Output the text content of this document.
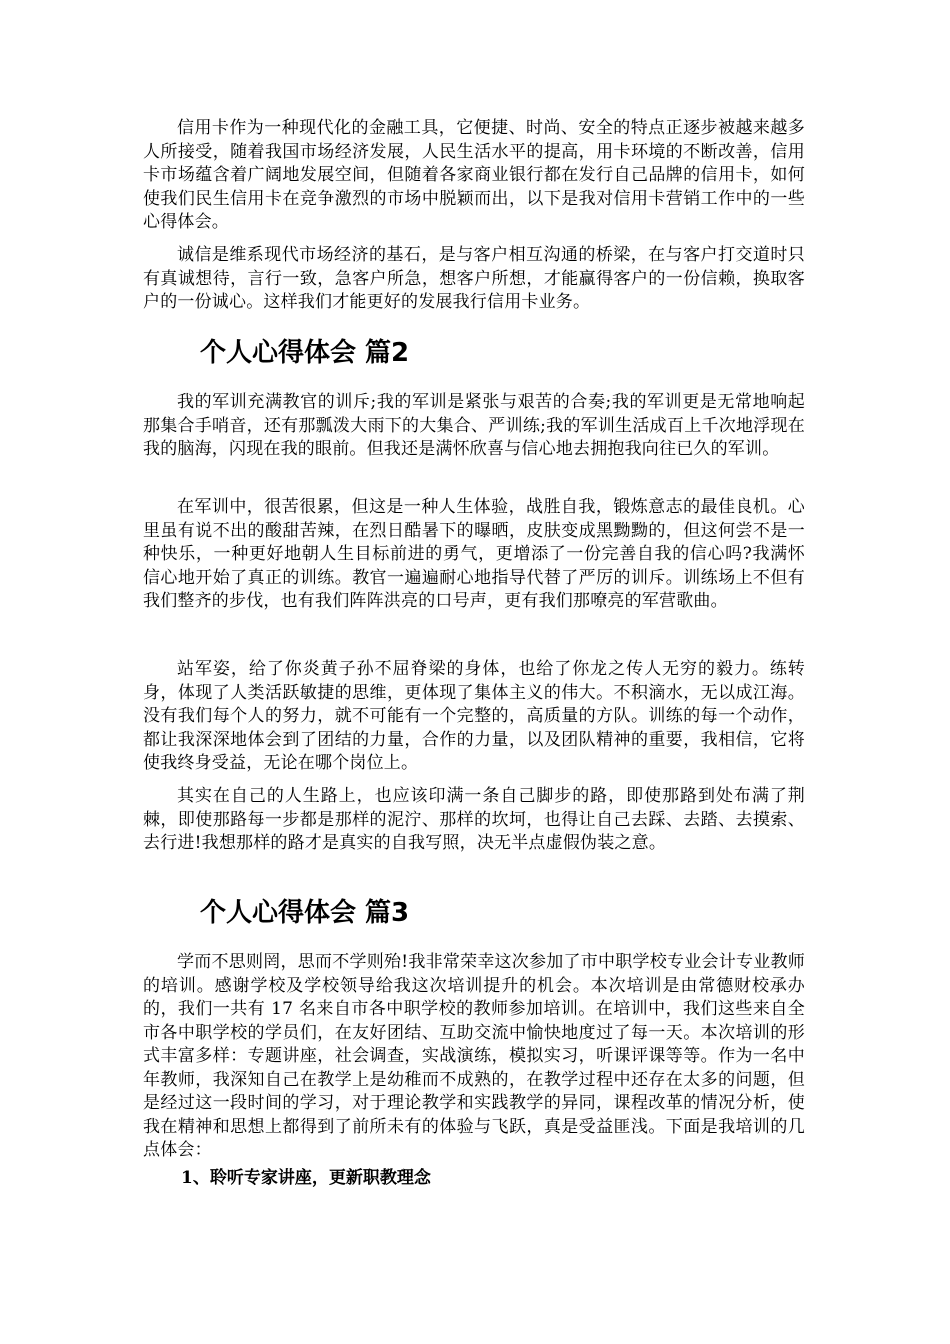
信用卡作为一种现代化的金融工具，它便捷、时尚、安全的特点正逐步被越来越多人所接受，随着我国市场经济发展，人民生活水平的提高，用卡环境的不断改善，信用卡市场蕴含着广阔地发展空间，但随着各家商业银行都在发行自己品牌的信用卡，如何使我们民生信用卡在竞争激烈的市场中脱颖而出，以下是我对信用卡营销工作中的一些心得体会。

诚信是维系现代市场经济的基石，是与客户相互沟通的桥梁，在与客户打交道时只有真诚想待，言行一致，急客户所急，想客户所想，才能赢得客户的一份信赖，换取客户的一份诚心。这样我们才能更好的发展我行信用卡业务。

个人心得体会 篇2

我的军训充满教官的训斥;我的军训是紧张与艰苦的合奏;我的军训更是无常地响起那集合手哨音，还有那瓢泼大雨下的大集合、严训练;我的军训生活成百上千次地浮现在我的脑海，闪现在我的眼前。但我还是满怀欣喜与信心地去拥抱我向往已久的军训。

在军训中，很苦很累，但这是一种人生体验，战胜自我，锻炼意志的最佳良机。心里虽有说不出的酸甜苦辣，在烈日酷暑下的曝晒，皮肤变成黑黝黝的，但这何尝不是一种快乐，一种更好地朝人生目标前进的勇气，更增添了一份完善自我的信心吗?我满怀信心地开始了真正的训练。教官一遍遍耐心地指导代替了严厉的训斥。训练场上不但有我们整齐的步伐，也有我们阵阵洪亮的口号声，更有我们那嘹亮的军营歌曲。

站军姿，给了你炎黄子孙不屈脊梁的身体，也给了你龙之传人无穷的毅力。练转身，体现了人类活跃敏捷的思维，更体现了集体主义的伟大。不积滴水，无以成江海。没有我们每个人的努力，就不可能有一个完整的，高质量的方队。训练的每一个动作，都让我深深地体会到了团结的力量，合作的力量，以及团队精神的重要，我相信，它将使我终身受益，无论在哪个岗位上。

其实在自己的人生路上，也应该印满一条自己脚步的路，即使那路到处布满了荆棘，即使那路每一步都是那样的泥泞、那样的坎坷，也得让自己去踩、去踏、去摸索、去行进!我想那样的路才是真实的自我写照，决无半点虚假伪装之意。

个人心得体会 篇3

学而不思则罔，思而不学则殆!我非常荣幸这次参加了市中职学校专业会计专业教师的培训。感谢学校及学校领导给我这次培训提升的机会。本次培训是由常德财校承办的，我们一共有 17 名来自市各中职学校的教师参加培训。在培训中，我们这些来自全市各中职学校的学员们，在友好团结、互助交流中愉快地度过了每一天。本次培训的形式丰富多样：专题讲座，社会调查，实战演练，模拟实习，听课评课等等。作为一名中年教师，我深知自己在教学上是幼稚而不成熟的，在教学过程中还存在太多的问题，但是经过这一段时间的学习，对于理论教学和实践教学的异同，课程改革的情况分析，使我在精神和思想上都得到了前所未有的体验与飞跃，真是受益匪浅。下面是我培训的几点体会：

1、聆听专家讲座，更新职教理念
